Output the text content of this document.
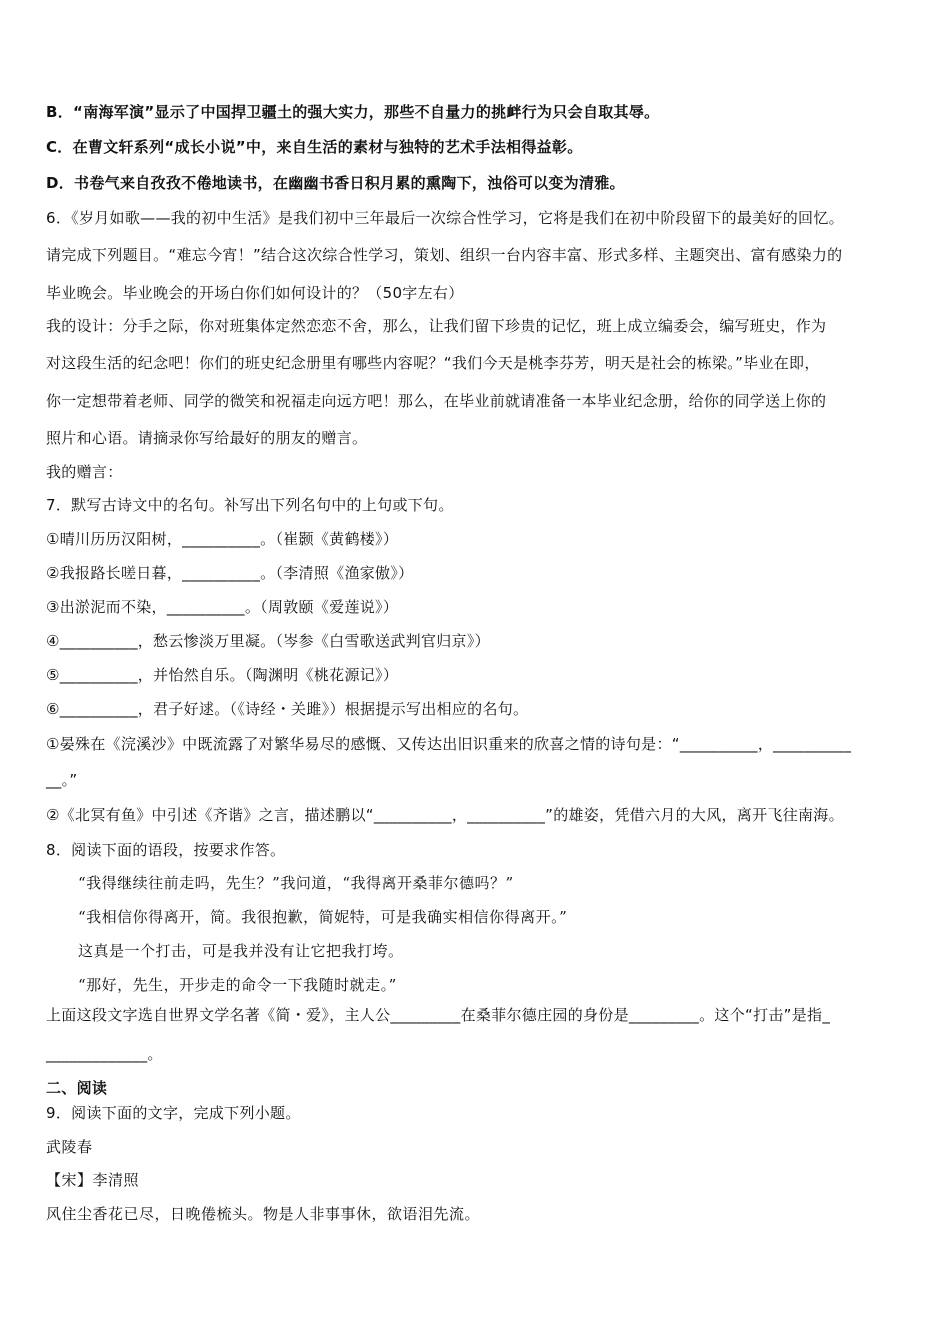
B．“南海军演”显示了中国捍卫疆土的强大实力，那些不自量力的挑衅行为只会自取其辱。
C．在曹文轩系列“成长小说”中，来自生活的素材与独特的艺术手法相得益彰。
D．书卷气来自孜孜不倦地读书，在幽幽书香日积月累的熏陶下，浊俗可以变为清雅。
6．《岁月如歌——我的初中生活》是我们初中三年最后一次综合性学习，它将是我们在初中阶段留下的最美好的回忆。
请完成下列题目。“难忘今宵！”结合这次综合性学习，策划、组织一台内容丰富、形式多样、主题突出、富有感染力的
毕业晚会。毕业晚会的开场白你们如何设计的？（50字左右）
我的设计：分手之际，你对班集体定然恋恋不舍，那么，让我们留下珍贵的记忆，班上成立编委会，编写班史，作为
对这段生活的纪念吧！你们的班史纪念册里有哪些内容呢？“我们今天是桃李芬芳，明天是社会的栋梁。”毕业在即，
你一定想带着老师、同学的微笑和祝福走向远方吧！那么，在毕业前就请准备一本毕业纪念册，给你的同学送上你的
照片和心语。请摘录你写给最好的朋友的赠言。
我的赠言：
7．默写古诗文中的名句。补写出下列名句中的上句或下句。
①晴川历历汉阳树，__________。（崔颢《黄鹤楼》）
②我报路长嗟日暮，__________。（李清照《渔家傲》）
③出淤泥而不染，__________。（周敦颐《爱莲说》）
④__________，愁云惨淡万里凝。（岑参《白雪歌送武判官归京》）
⑤__________，并怡然自乐。（陶渊明《桃花源记》）
⑥__________，君子好逑。（《诗经・关雎》）根据提示写出相应的名句。
①晏殊在《浣溪沙》中既流露了对繁华易尽的感慨、又传达出旧识重来的欣喜之情的诗句是：“__________，__________
__。”
②《北冥有鱼》中引述《齐谐》之言，描述鹏以“__________，__________”的雄姿，凭借六月的大风，离开飞往南海。
8．阅读下面的语段，按要求作答。
“我得继续往前走吗，先生？”我问道，“我得离开桑菲尔德吗？”
“我相信你得离开，简。我很抱歉，简妮特，可是我确实相信你得离开。”
这真是一个打击，可是我并没有让它把我打垮。
“那好，先生，开步走的命令一下我随时就走。”
上面这段文字选自世界文学名著《简・爱》，主人公_________在桑菲尔德庄园的身份是_________。这个“打击”是指_
_____________。
二、阅读
9．阅读下面的文字，完成下列小题。
武陵春
【宋】李清照
风住尘香花已尽，日晚倦梳头。物是人非事事休，欲语泪先流。
